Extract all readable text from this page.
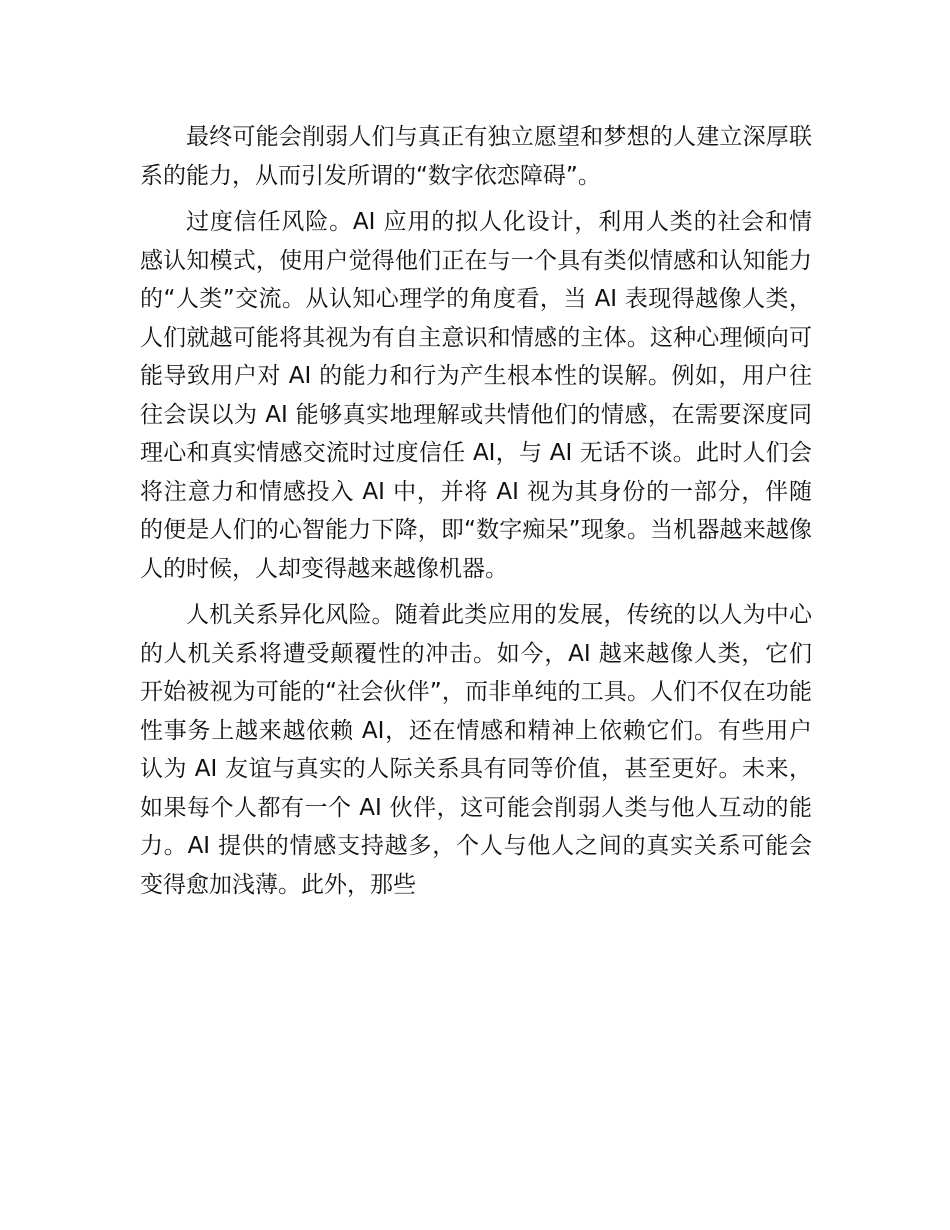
最终可能会削弱人们与真正有独立愿望和梦想的人建立深厚联系的能力，从而引发所谓的“数字依恋障碍”。

过度信任风险。AI 应用的拟人化设计，利用人类的社会和情感认知模式，使用户觉得他们正在与一个具有类似情感和认知能力的“人类”交流。从认知心理学的角度看，当 AI 表现得越像人类，人们就越可能将其视为有自主意识和情感的主体。这种心理倾向可能导致用户对 AI 的能力和行为产生根本性的误解。例如，用户往往会误以为 AI 能够真实地理解或共情他们的情感，在需要深度同理心和真实情感交流时过度信任 AI，与 AI 无话不谈。此时人们会将注意力和情感投入 AI 中，并将 AI 视为其身份的一部分，伴随的便是人们的心智能力下降，即“数字痴呆”现象。当机器越来越像人的时候，人却变得越来越像机器。

人机关系异化风险。随着此类应用的发展，传统的以人为中心的人机关系将遭受颠覆性的冲击。如今，AI 越来越像人类，它们开始被视为可能的“社会伙伴”，而非单纯的工具。人们不仅在功能性事务上越来越依赖 AI，还在情感和精神上依赖它们。有些用户认为 AI 友谊与真实的人际关系具有同等价值，甚至更好。未来，如果每个人都有一个 AI 伙伴，这可能会削弱人类与他人互动的能力。AI 提供的情感支持越多，个人与他人之间的真实关系可能会变得愈加浅薄。此外，那些
